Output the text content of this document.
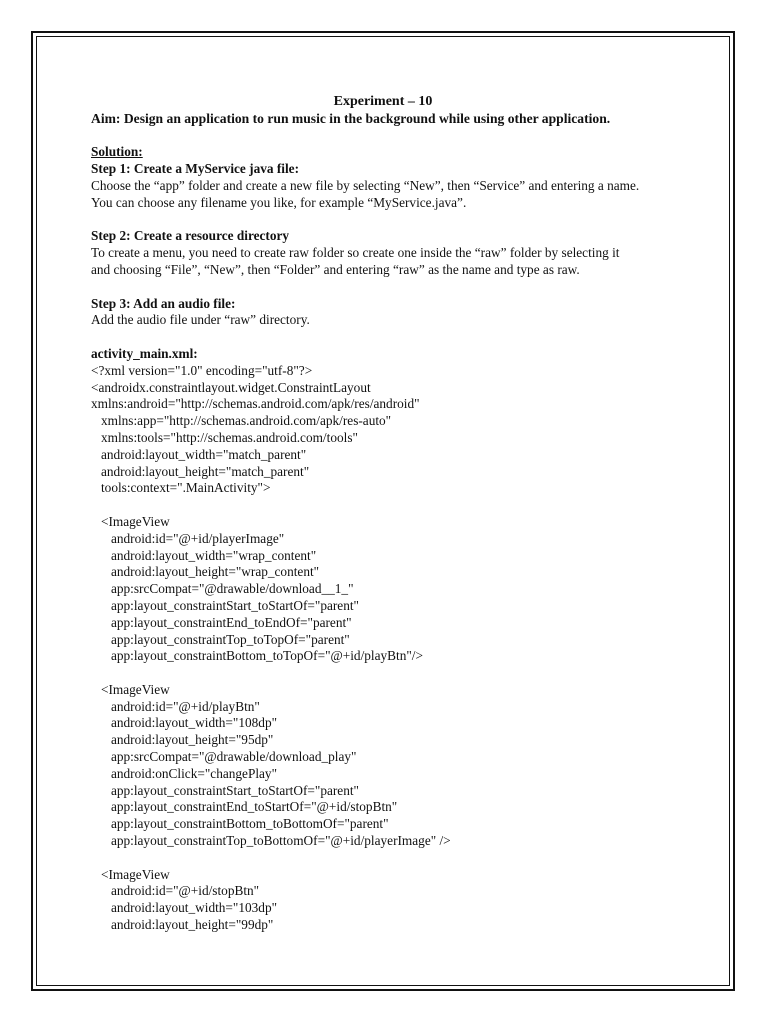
Experiment – 10
Aim: Design an application to run music in the background while using other application.
Solution:
Step 1: Create a MyService java file:
Choose the “app” folder and create a new file by selecting “New”, then “Service” and entering a name.
You can choose any filename you like, for example “MyService.java”.
Step 2: Create a resource directory
To create a menu, you need to create raw folder so create one inside the “raw” folder by selecting it
and choosing “File”, “New”, then “Folder” and entering “raw” as the name and type as raw.
Step 3: Add an audio file:
Add the audio file under “raw” directory.
activity_main.xml:
<?xml version="1.0" encoding="utf-8"?>
<androidx.constraintlayout.widget.ConstraintLayout
xmlns:android="http://schemas.android.com/apk/res/android"
xmlns:app="http://schemas.android.com/apk/res-auto"
xmlns:tools="http://schemas.android.com/tools"
android:layout_width="match_parent"
android:layout_height="match_parent"
tools:context=".MainActivity">
<ImageView
android:id="@+id/playerImage"
android:layout_width="wrap_content"
android:layout_height="wrap_content"
app:srcCompat="@drawable/download__1_"
app:layout_constraintStart_toStartOf="parent"
app:layout_constraintEnd_toEndOf="parent"
app:layout_constraintTop_toTopOf="parent"
app:layout_constraintBottom_toTopOf="@+id/playBtn"/>
<ImageView
android:id="@+id/playBtn"
android:layout_width="108dp"
android:layout_height="95dp"
app:srcCompat="@drawable/download_play"
android:onClick="changePlay"
app:layout_constraintStart_toStartOf="parent"
app:layout_constraintEnd_toStartOf="@+id/stopBtn"
app:layout_constraintBottom_toBottomOf="parent"
app:layout_constraintTop_toBottomOf="@+id/playerImage" />
<ImageView
android:id="@+id/stopBtn"
android:layout_width="103dp"
android:layout_height="99dp"
